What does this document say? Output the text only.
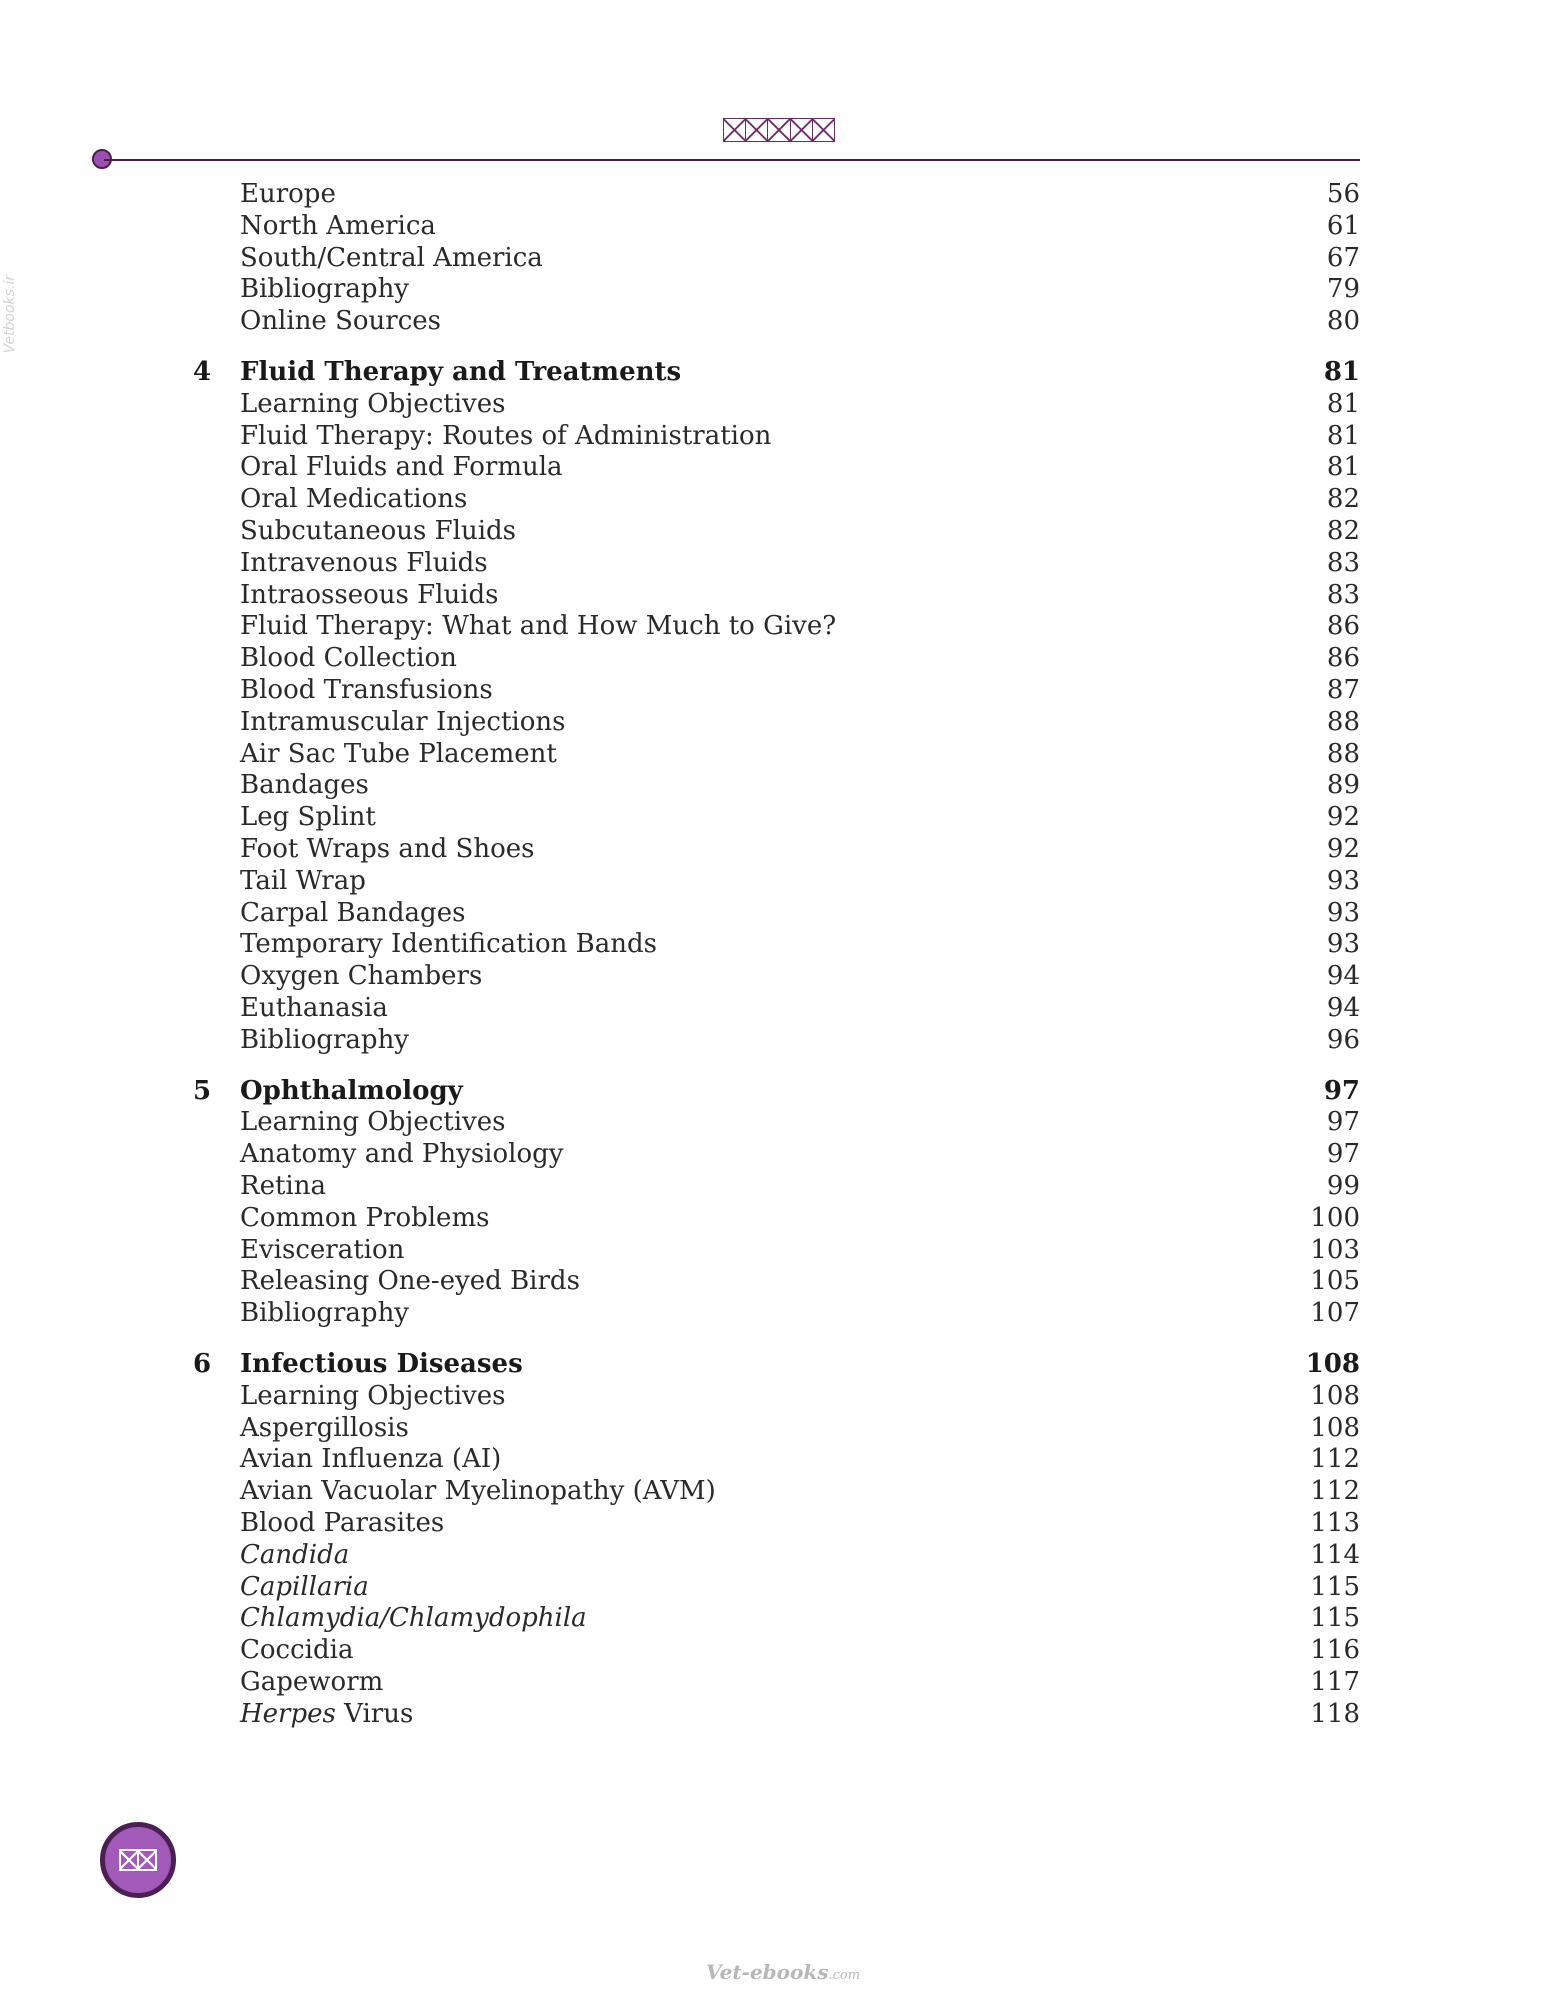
Vetbooks.ir
Europe	56
North America	61
South/Central America	67
Bibliography	79
Online Sources	80
4 Fluid Therapy and Treatments	81
Learning Objectives	81
Fluid Therapy: Routes of Administration	81
Oral Fluids and Formula	81
Oral Medications	82
Subcutaneous Fluids	82
Intravenous Fluids	83
Intraosseous Fluids	83
Fluid Therapy: What and How Much to Give?	86
Blood Collection	86
Blood Transfusions	87
Intramuscular Injections	88
Air Sac Tube Placement	88
Bandages	89
Leg Splint	92
Foot Wraps and Shoes	92
Tail Wrap	93
Carpal Bandages	93
Temporary Identification Bands	93
Oxygen Chambers	94
Euthanasia	94
Bibliography	96
5 Ophthalmology	97
Learning Objectives	97
Anatomy and Physiology	97
Retina	99
Common Problems	100
Evisceration	103
Releasing One-eyed Birds	105
Bibliography	107
6 Infectious Diseases	108
Learning Objectives	108
Aspergillosis	108
Avian Influenza (AI)	112
Avian Vacuolar Myelinopathy (AVM)	112
Blood Parasites	113
Candida	114
Capillaria	115
Chlamydia/Chlamydophila	115
Coccidia	116
Gapeworm	117
Herpes Virus	118
Vet-ebooks.com
